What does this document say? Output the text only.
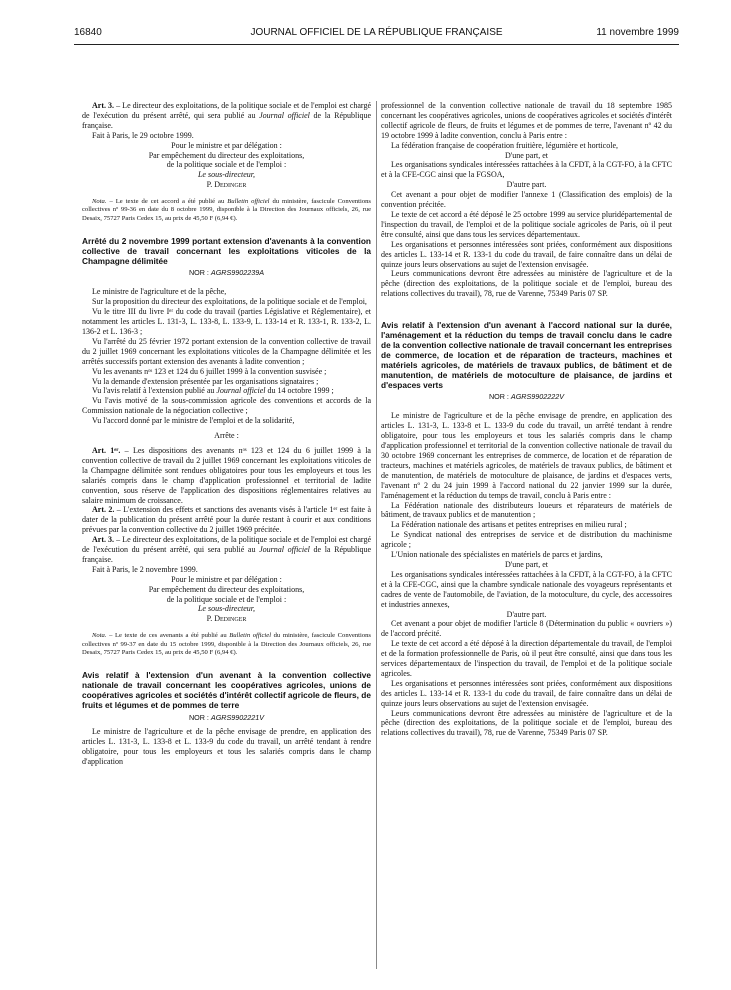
16840	JOURNAL OFFICIEL DE LA RÉPUBLIQUE FRANÇAISE	11 novembre 1999

Art. 3. – Le directeur des exploitations, de la politique sociale et de l'emploi est chargé de l'exécution du présent arrêté, qui sera publié au Journal officiel de la République française.

Fait à Paris, le 29 octobre 1999.

Pour le ministre et par délégation :

Par empêchement du directeur des exploitations,

de la politique sociale et de l'emploi :

Le sous-directeur,

P. Dedinger

Nota. – Le texte de cet accord a été publié au Bulletin officiel du ministère, fascicule Conventions collectives nº 99-36 en date du 8 octobre 1999, disponible à la Direction des Journaux officiels, 26, rue Desaix, 75727 Paris Cedex 15, au prix de 45,50 F (6,94 €).

Arrêté du 2 novembre 1999 portant extension d'avenants à la convention collective de travail concernant les exploitations viticoles de la Champagne délimitée

NOR : AGRS9902239A

Le ministre de l'agriculture et de la pêche,

Sur la proposition du directeur des exploitations, de la politique sociale et de l'emploi,

Vu le titre III du livre Iᵉʳ du code du travail (parties Législative et Réglementaire), et notamment les articles L. 131-3, L. 133-8, L. 133-9, L. 133-14 et R. 133-1, R. 133-2, L. 136-2 et L. 136-3 ;

Vu l'arrêté du 25 février 1972 portant extension de la convention collective de travail du 2 juillet 1969 concernant les exploitations viticoles de la Champagne délimitée et les arrêtés successifs portant extension des avenants à ladite convention ;

Vu les avenants nᵒˢ 123 et 124 du 6 juillet 1999 à la convention susvisée ;

Vu la demande d'extension présentée par les organisations signataires ;

Vu l'avis relatif à l'extension publié au Journal officiel du 14 octobre 1999 ;

Vu l'avis motivé de la sous-commission agricole des conventions et accords de la Commission nationale de la négociation collective ;

Vu l'accord donné par le ministre de l'emploi et de la solidarité,

Arrête :

Art. 1ᵉʳ. – Les dispositions des avenants nᵒˢ 123 et 124 du 6 juillet 1999 à la convention collective de travail du 2 juillet 1969 concernant les exploitations viticoles de la Champagne délimitée sont rendues obligatoires pour tous les employeurs et tous les salariés compris dans le champ d'application professionnel et territorial de ladite convention, sous réserve de l'application des dispositions réglementaires relatives au salaire minimum de croissance.

Art. 2. – L'extension des effets et sanctions des avenants visés à l'article 1ᵉʳ est faite à dater de la publication du présent arrêté pour la durée restant à courir et aux conditions prévues par la convention collective du 2 juillet 1969 précitée.

Art. 3. – Le directeur des exploitations, de la politique sociale et de l'emploi est chargé de l'exécution du présent arrêté, qui sera publié au Journal officiel de la République française.

Fait à Paris, le 2 novembre 1999.

Pour le ministre et par délégation :

Par empêchement du directeur des exploitations,

de la politique sociale et de l'emploi :

Le sous-directeur,

P. Dedinger

Nota. – Le texte de ces avenants a été publié au Bulletin officiel du ministère, fascicule Conventions collectives nº 99-37 en date du 15 octobre 1999, disponible à la Direction des Journaux officiels, 26, rue Desaix, 75727 Paris Cedex 15, au prix de 45,50 F (6,94 €).

Avis relatif à l'extension d'un avenant à la convention collective nationale de travail concernant les coopératives agricoles, unions de coopératives agricoles et sociétés d'intérêt collectif agricole de fleurs, de fruits et légumes et de pommes de terre

NOR : AGRS9902221V

Le ministre de l'agriculture et de la pêche envisage de prendre, en application des articles L. 131-3, L. 133-8 et L. 133-9 du code du travail, un arrêté tendant à rendre obligatoire, pour tous les employeurs et tous les salariés compris dans le champ d'application

professionnel de la convention collective nationale de travail du 18 septembre 1985 concernant les coopératives agricoles, unions de coopératives agricoles et sociétés d'intérêt collectif agricole de fleurs, de fruits et légumes et de pommes de terre, l'avenant nº 42 du 19 octobre 1999 à ladite convention, conclu à Paris entre :

La fédération française de coopération fruitière, légumière et horticole,

D'une part, et

Les organisations syndicales intéressées rattachées à la CFDT, à la CGT-FO, à la CFTC et à la CFE-CGC ainsi que la FGSOA,

D'autre part.

Cet avenant a pour objet de modifier l'annexe 1 (Classification des emplois) de la convention précitée.

Le texte de cet accord a été déposé le 25 octobre 1999 au service pluridépartemental de l'inspection du travail, de l'emploi et de la politique sociale agricoles de Paris, où il peut être consulté, ainsi que dans tous les services départementaux.

Les organisations et personnes intéressées sont priées, conformément aux dispositions des articles L. 133-14 et R. 133-1 du code du travail, de faire connaître dans un délai de quinze jours leurs observations au sujet de l'extension envisagée.

Leurs communications devront être adressées au ministère de l'agriculture et de la pêche (direction des exploitations, de la politique sociale et de l'emploi, bureau des relations collectives du travail), 78, rue de Varenne, 75349 Paris 07 SP.

Avis relatif à l'extension d'un avenant à l'accord national sur la durée, l'aménagement et la réduction du temps de travail conclu dans le cadre de la convention collective nationale de travail concernant les entreprises de commerce, de location et de réparation de tracteurs, machines et matériels agricoles, de matériels de travaux publics, de bâtiment et de manutention, de matériels de motoculture de plaisance, de jardins et d'espaces verts

NOR : AGRS9902222V

Le ministre de l'agriculture et de la pêche envisage de prendre, en application des articles L. 131-3, L. 133-8 et L. 133-9 du code du travail, un arrêté tendant à rendre obligatoire, pour tous les employeurs et tous les salariés compris dans le champ d'application professionnel et territorial de la convention collective nationale de travail du 30 octobre 1969 concernant les entreprises de commerce, de location et de réparation de tracteurs, machines et matériels agricoles, de matériels de travaux publics, de bâtiment et de manutention, de matériels de motoculture de plaisance, de jardins et d'espaces verts, l'avenant nº 2 du 24 juin 1999 à l'accord national du 22 janvier 1999 sur la durée, l'aménagement et la réduction du temps de travail, conclu à Paris entre :

La Fédération nationale des distributeurs loueurs et réparateurs de matériels de bâtiment, de travaux publics et de manutention ;

La Fédération nationale des artisans et petites entreprises en milieu rural ;

Le Syndicat national des entreprises de service et de distribution du machinisme agricole ;

L'Union nationale des spécialistes en matériels de parcs et jardins,

D'une part, et

Les organisations syndicales intéressées rattachées à la CFDT, à la CGT-FO, à la CFTC et à la CFE-CGC, ainsi que la chambre syndicale nationale des voyageurs représentants et cadres de vente de l'automobile, de l'aviation, de la motoculture, du cycle, des accessoires et industries annexes,

D'autre part.

Cet avenant a pour objet de modifier l'article 8 (Détermination du public « ouvriers ») de l'accord précité.

Le texte de cet accord a été déposé à la direction départementale du travail, de l'emploi et de la formation professionnelle de Paris, où il peut être consulté, ainsi que dans tous les services départementaux de l'inspection du travail, de l'emploi et de la politique sociale agricoles.

Les organisations et personnes intéressées sont priées, conformément aux dispositions des articles L. 133-14 et R. 133-1 du code du travail, de faire connaître dans un délai de quinze jours leurs observations au sujet de l'extension envisagée.

Leurs communications devront être adressées au ministère de l'agriculture et de la pêche (direction des exploitations, de la politique sociale et de l'emploi, bureau des relations collectives du travail), 78, rue de Varenne, 75349 Paris 07 SP.
